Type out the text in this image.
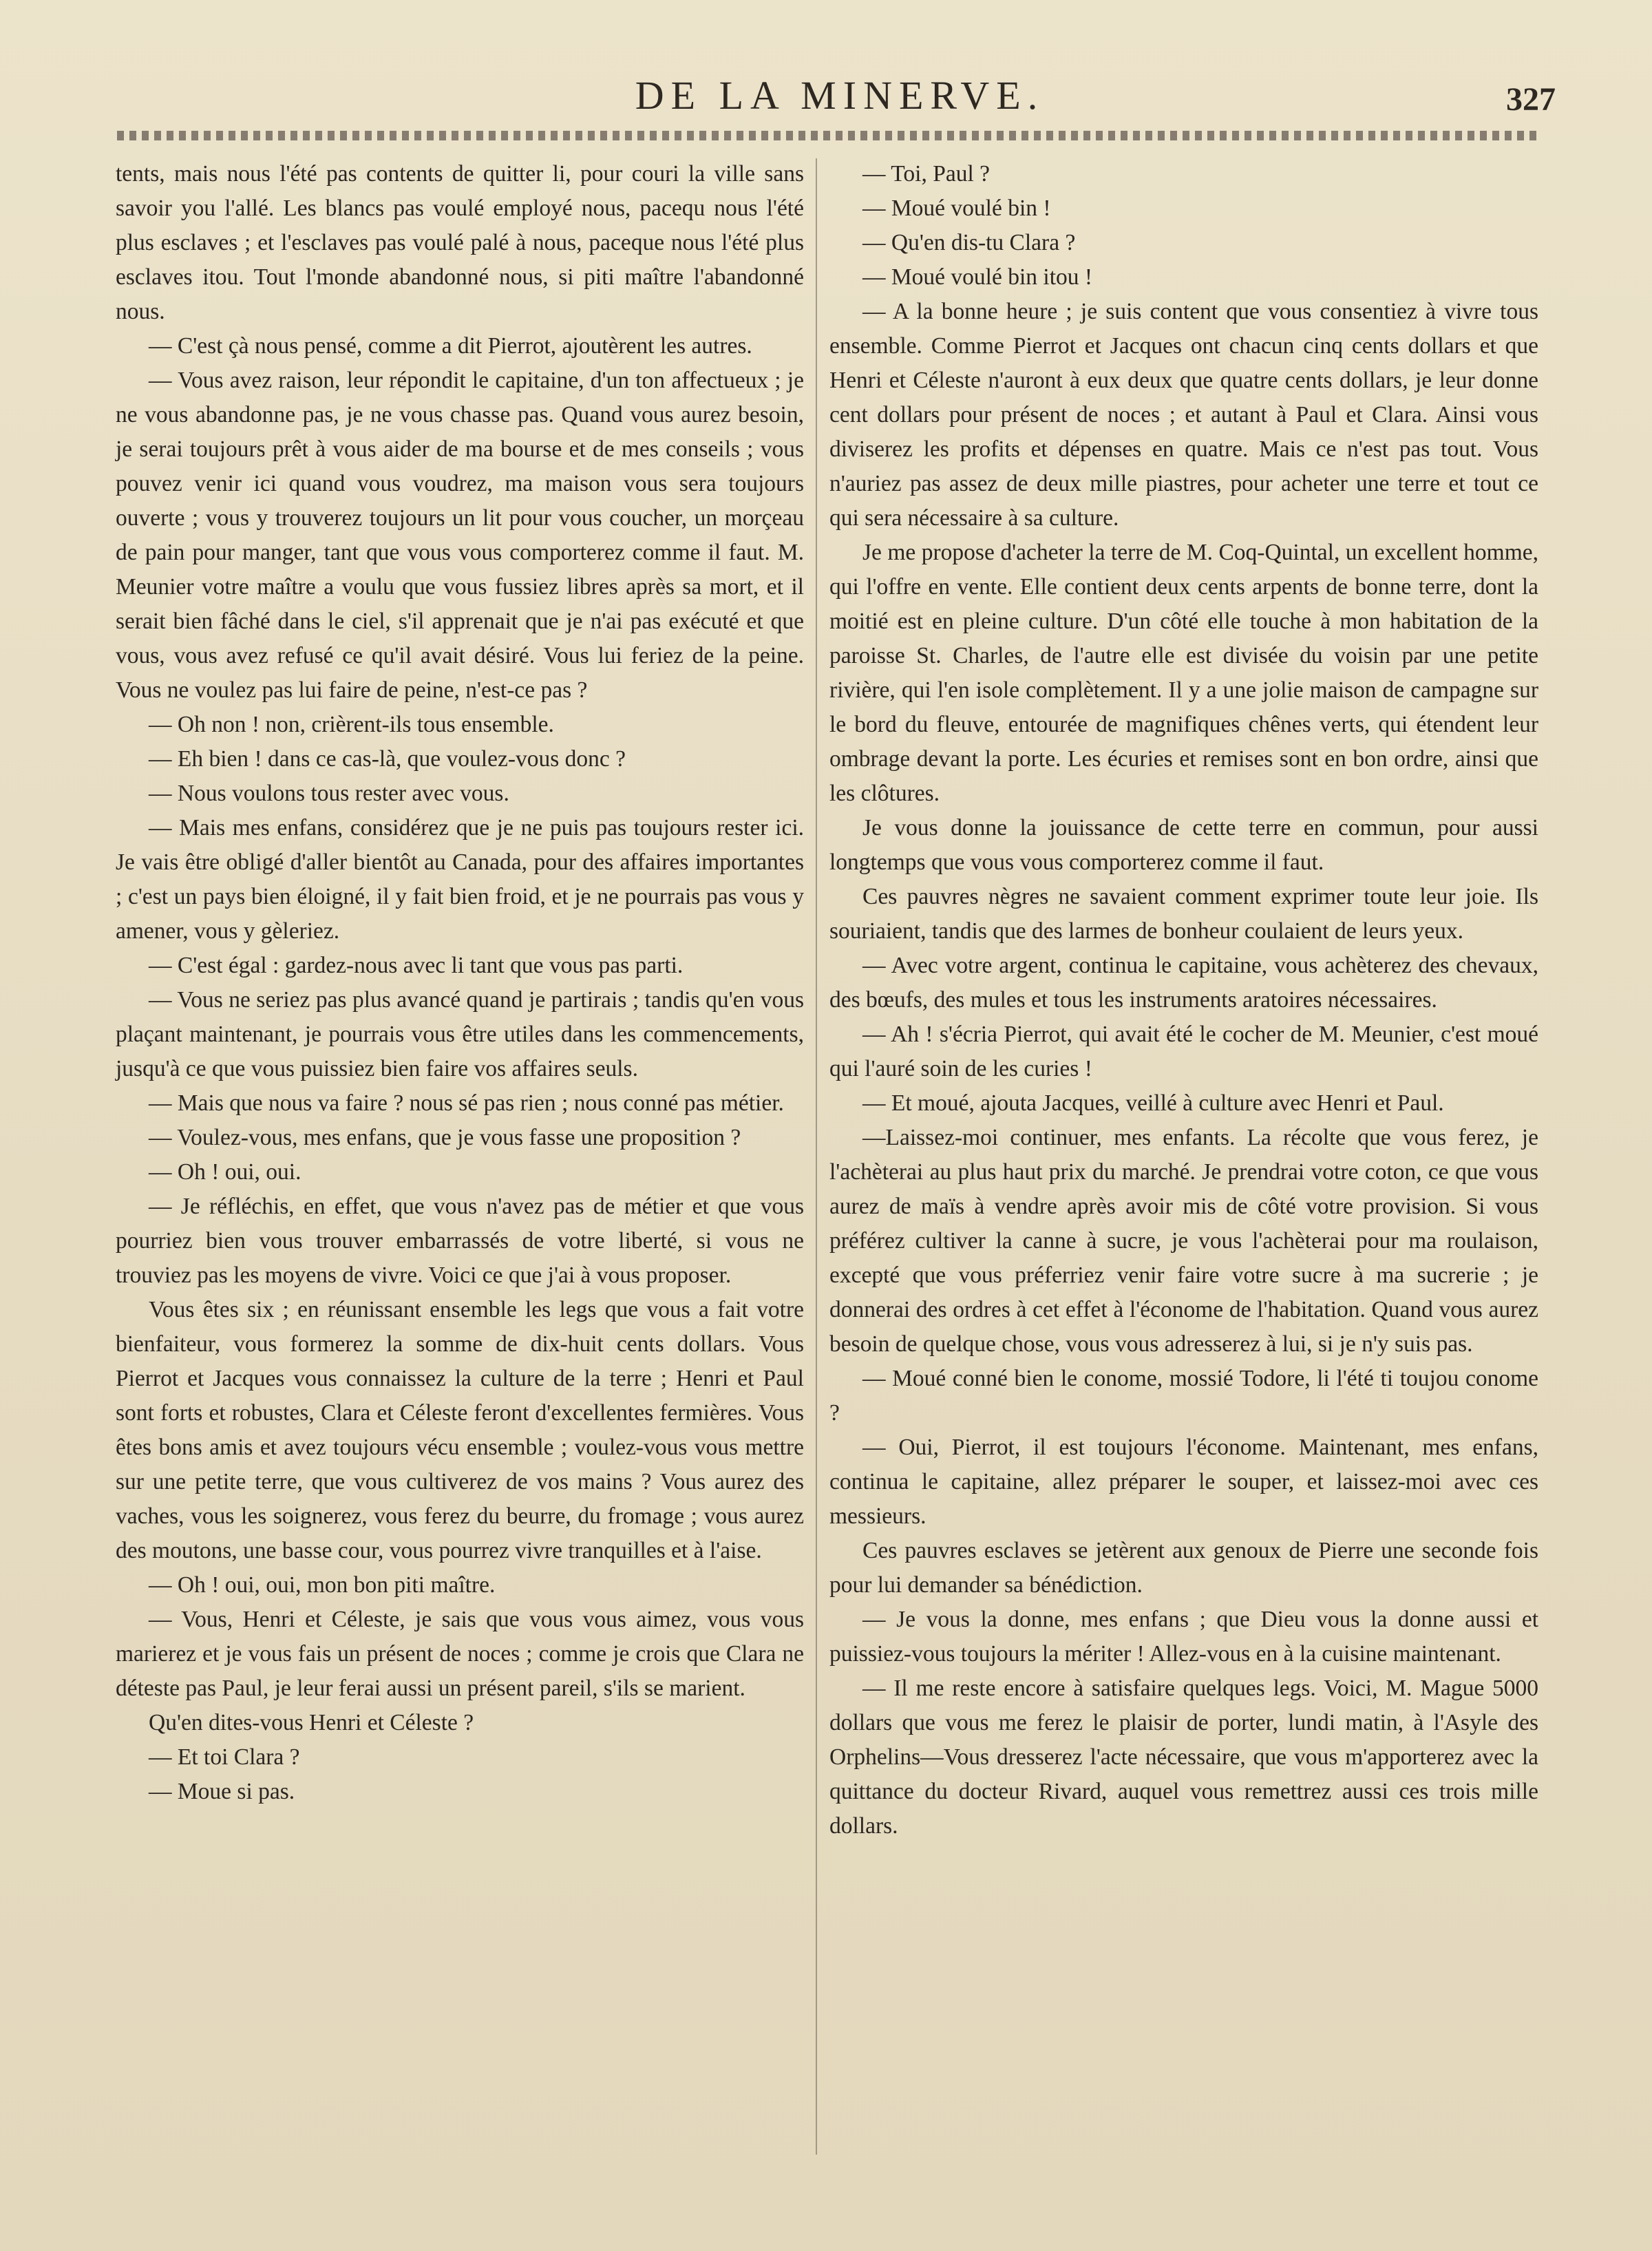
DE LA MINERVE.	327

tents, mais nous l'été pas contents de quitter li, pour couri la ville sans savoir you l'allé. Les blancs pas voulé employé nous, pacequ nous l'été plus esclaves ; et l'esclaves pas voulé palé à nous, paceque nous l'été plus esclaves itou. Tout l'monde abandonné nous, si piti maître l'abandonné nous.

— C'est çà nous pensé, comme a dit Pierrot, ajoutèrent les autres.

— Vous avez raison, leur répondit le capitaine, d'un ton affectueux ; je ne vous abandonne pas, je ne vous chasse pas. Quand vous aurez besoin, je serai toujours prêt à vous aider de ma bourse et de mes conseils ; vous pouvez venir ici quand vous voudrez, ma maison vous sera toujours ouverte ; vous y trouverez toujours un lit pour vous coucher, un morçeau de pain pour manger, tant que vous vous comporterez comme il faut. M. Meunier votre maître a voulu que vous fussiez libres après sa mort, et il serait bien fâché dans le ciel, s'il apprenait que je n'ai pas exécuté et que vous, vous avez refusé ce qu'il avait désiré. Vous lui feriez de la peine. Vous ne voulez pas lui faire de peine, n'est-ce pas ?

— Oh non ! non, crièrent-ils tous ensemble.

— Eh bien ! dans ce cas-là, que voulez-vous donc ?

— Nous voulons tous rester avec vous.

— Mais mes enfans, considérez que je ne puis pas toujours rester ici. Je vais être obligé d'aller bientôt au Canada, pour des affaires importantes ; c'est un pays bien éloigné, il y fait bien froid, et je ne pourrais pas vous y amener, vous y gèleriez.

— C'est égal : gardez-nous avec li tant que vous pas parti.

— Vous ne seriez pas plus avancé quand je partirais ; tandis qu'en vous plaçant maintenant, je pourrais vous être utiles dans les commencements, jusqu'à ce que vous puissiez bien faire vos affaires seuls.

— Mais que nous va faire ? nous sé pas rien ; nous conné pas métier.

— Voulez-vous, mes enfans, que je vous fasse une proposition ?

— Oh ! oui, oui.

— Je réfléchis, en effet, que vous n'avez pas de métier et que vous pourriez bien vous trouver embarrassés de votre liberté, si vous ne trouviez pas les moyens de vivre. Voici ce que j'ai à vous proposer.

Vous êtes six ; en réunissant ensemble les legs que vous a fait votre bienfaiteur, vous formerez la somme de dix-huit cents dollars. Vous Pierrot et Jacques vous connaissez la culture de la terre ; Henri et Paul sont forts et robustes, Clara et Céleste feront d'excellentes fermières. Vous êtes bons amis et avez toujours vécu ensemble ; voulez-vous vous mettre sur une petite terre, que vous cultiverez de vos mains ? Vous aurez des vaches, vous les soignerez, vous ferez du beurre, du fromage ; vous aurez des moutons, une basse cour, vous pourrez vivre tranquilles et à l'aise.

— Oh ! oui, oui, mon bon piti maître.

— Vous, Henri et Céleste, je sais que vous vous aimez, vous vous marierez et je vous fais un présent de noces ; comme je crois que Clara ne déteste pas Paul, je leur ferai aussi un présent pareil, s'ils se marient.

Qu'en dites-vous Henri et Céleste ?

— Et toi Clara ?

— Moue si pas.

— Toi, Paul ?

— Moué voulé bin !

— Qu'en dis-tu Clara ?

— Moué voulé bin itou !

— A la bonne heure ; je suis content que vous consentiez à vivre tous ensemble. Comme Pierrot et Jacques ont chacun cinq cents dollars et que Henri et Céleste n'auront à eux deux que quatre cents dollars, je leur donne cent dollars pour présent de noces ; et autant à Paul et Clara. Ainsi vous diviserez les profits et dépenses en quatre. Mais ce n'est pas tout. Vous n'auriez pas assez de deux mille piastres, pour acheter une terre et tout ce qui sera nécessaire à sa culture.

Je me propose d'acheter la terre de M. Coq-Quintal, un excellent homme, qui l'offre en vente. Elle contient deux cents arpents de bonne terre, dont la moitié est en pleine culture. D'un côté elle touche à mon habitation de la paroisse St. Charles, de l'autre elle est divisée du voisin par une petite rivière, qui l'en isole complètement. Il y a une jolie maison de campagne sur le bord du fleuve, entourée de magnifiques chênes verts, qui étendent leur ombrage devant la porte. Les écuries et remises sont en bon ordre, ainsi que les clôtures.

Je vous donne la jouissance de cette terre en commun, pour aussi longtemps que vous vous comporterez comme il faut.

Ces pauvres nègres ne savaient comment exprimer toute leur joie. Ils souriaient, tandis que des larmes de bonheur coulaient de leurs yeux.

— Avec votre argent, continua le capitaine, vous achèterez des chevaux, des bœufs, des mules et tous les instruments aratoires nécessaires.

— Ah ! s'écria Pierrot, qui avait été le cocher de M. Meunier, c'est moué qui l'auré soin de les curies !

— Et moué, ajouta Jacques, veillé à culture avec Henri et Paul.

—Laissez-moi continuer, mes enfants. La récolte que vous ferez, je l'achèterai au plus haut prix du marché. Je prendrai votre coton, ce que vous aurez de maïs à vendre après avoir mis de côté votre provision. Si vous préférez cultiver la canne à sucre, je vous l'achèterai pour ma roulaison, excepté que vous préferriez venir faire votre sucre à ma sucrerie ; je donnerai des ordres à cet effet à l'économe de l'habitation. Quand vous aurez besoin de quelque chose, vous vous adresserez à lui, si je n'y suis pas.

— Moué conné bien le conome, mossié Todore, li l'été ti toujou conome ?

— Oui, Pierrot, il est toujours l'économe. Maintenant, mes enfans, continua le capitaine, allez préparer le souper, et laissez-moi avec ces messieurs.

Ces pauvres esclaves se jetèrent aux genoux de Pierre une seconde fois pour lui demander sa bénédiction.

— Je vous la donne, mes enfans ; que Dieu vous la donne aussi et puissiez-vous toujours la mériter ! Allez-vous en à la cuisine maintenant.

— Il me reste encore à satisfaire quelques legs. Voici, M. Mague 5000 dollars que vous me ferez le plaisir de porter, lundi matin, à l'Asyle des Orphelins—Vous dresserez l'acte nécessaire, que vous m'apporterez avec la quittance du docteur Rivard, auquel vous remettrez aussi ces trois mille dollars.
